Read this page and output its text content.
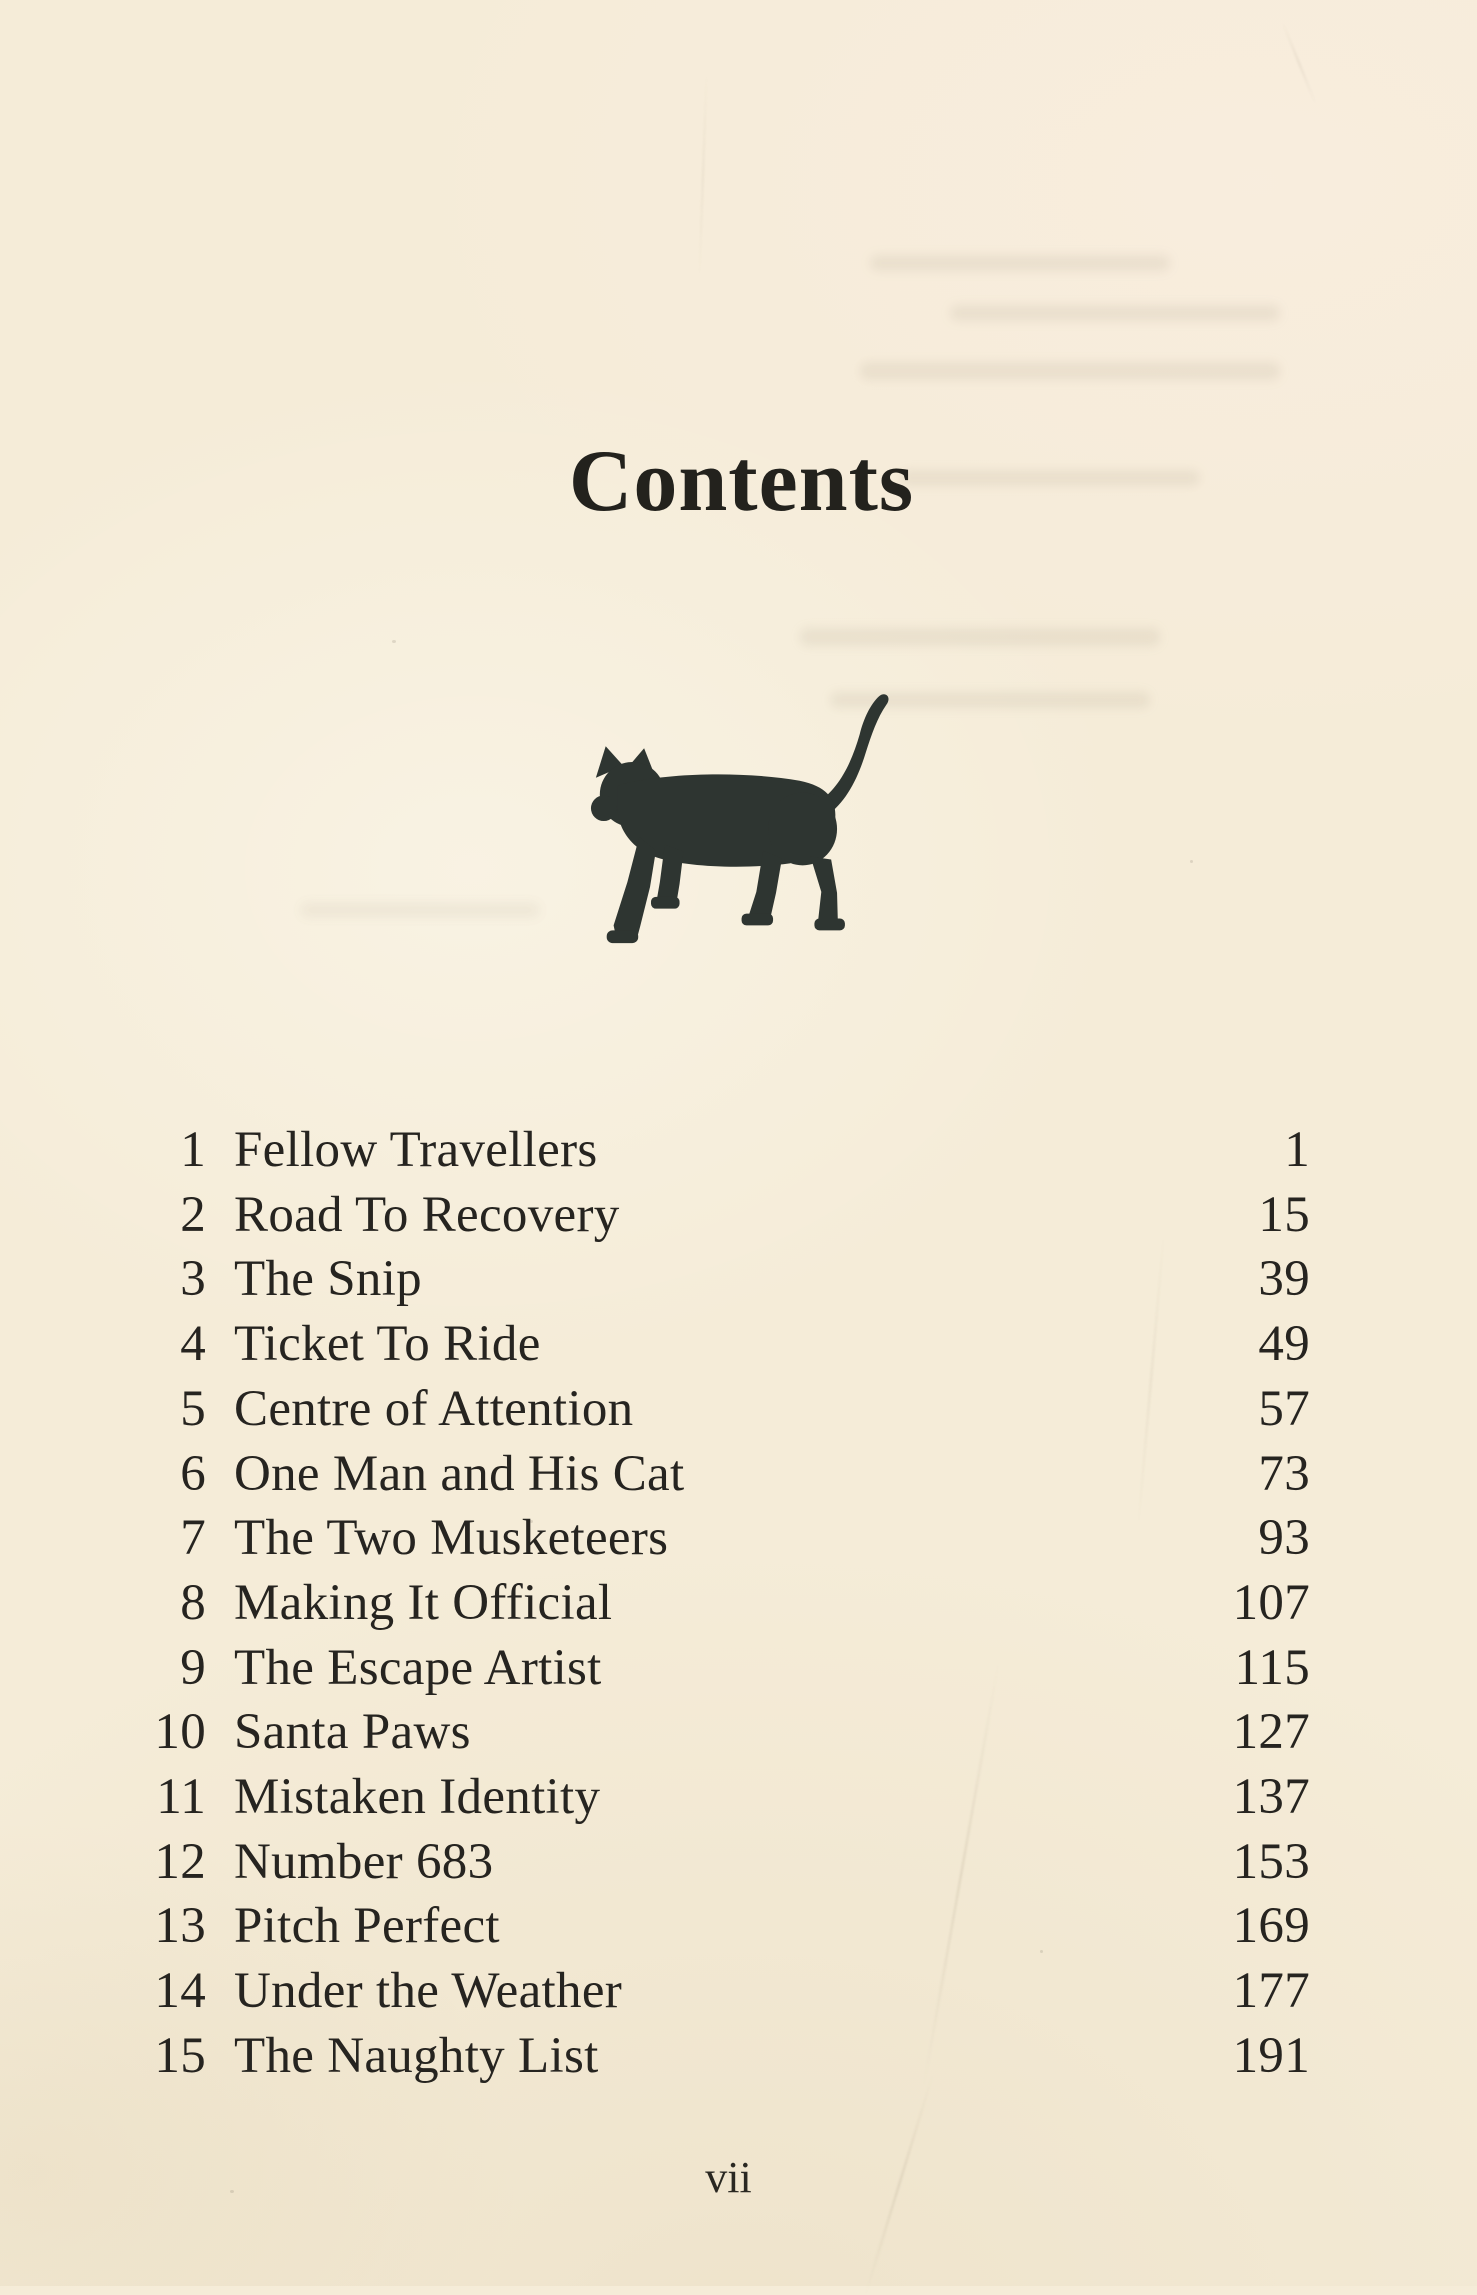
Contents
1 Fellow Travellers	1
2 Road To Recovery	15
3 The Snip	39
4 Ticket To Ride	49
5 Centre of Attention	57
6 One Man and His Cat	73
7 The Two Musketeers	93
8 Making It Official	107
9 The Escape Artist	115
10 Santa Paws	127
11 Mistaken Identity	137
12 Number 683	153
13 Pitch Perfect	169
14 Under the Weather	177
15 The Naughty List	191
vii
